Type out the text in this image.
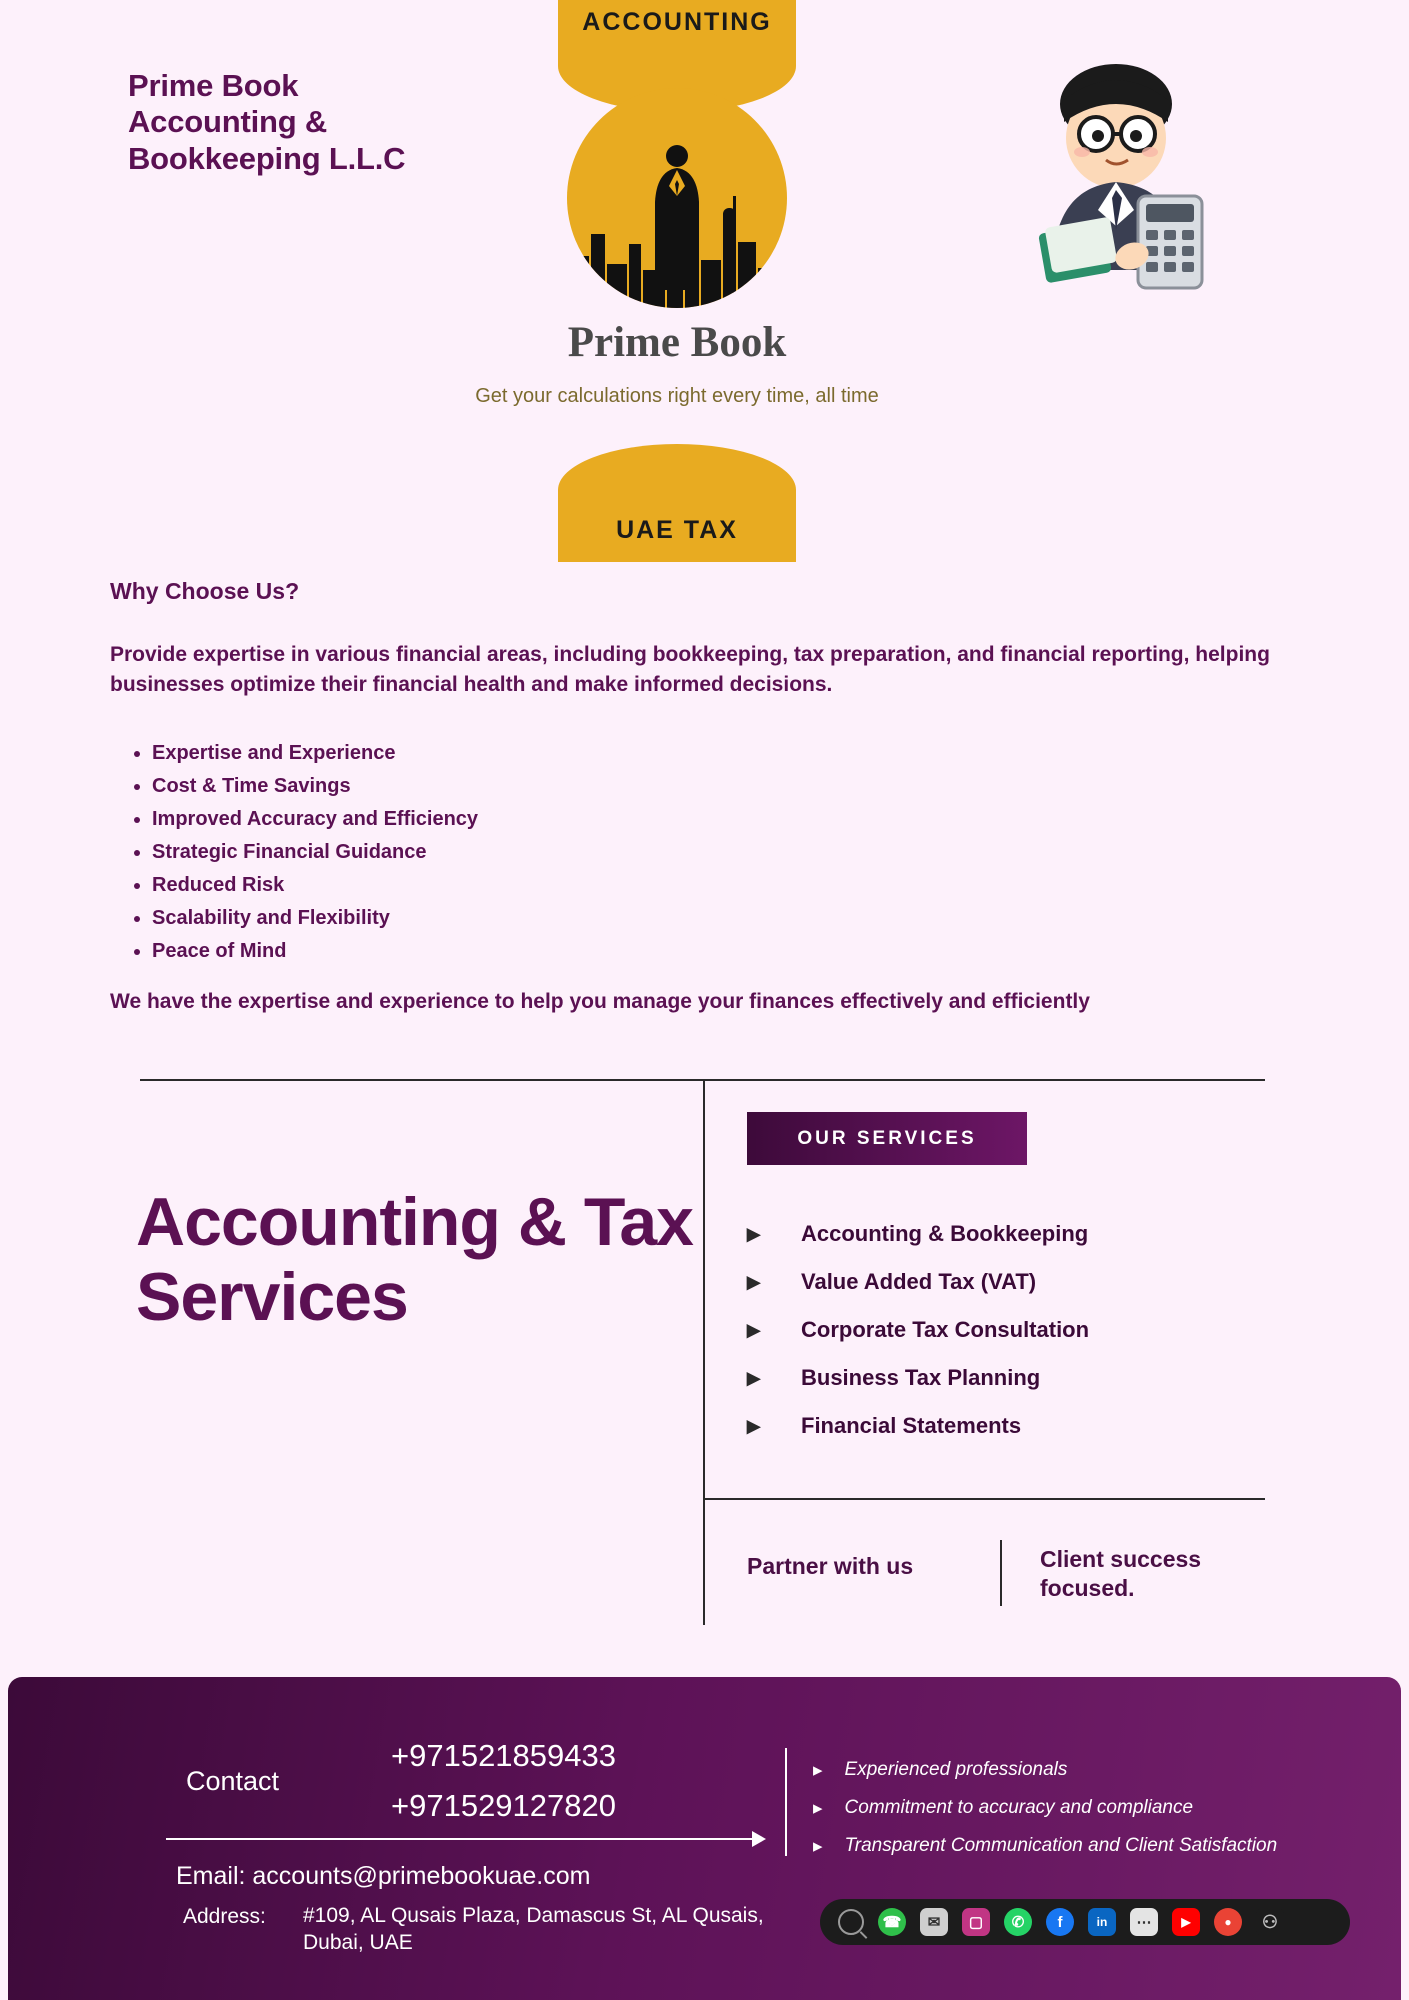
Prime Book Accounting & Bookkeeping L.L.C
ACCOUNTING
Prime Book
Get your calculations right every time, all time
UAE TAX
Why Choose Us?
Provide expertise in various financial areas, including bookkeeping, tax preparation, and financial reporting, helping businesses optimize their financial health and make informed decisions.
• Expertise and Experience
• Cost & Time Savings
• Improved Accuracy and Efficiency
• Strategic Financial Guidance
• Reduced Risk
• Scalability and Flexibility
• Peace of Mind
We have the expertise and experience to help you manage your finances effectively and efficiently
Accounting & Tax Services
OUR SERVICES
▸	Accounting & Bookkeeping
▸	Value Added Tax (VAT)
▸	Corporate Tax Consultation
▸	Business Tax Planning
▸	Financial Statements
Partner with us	Client success focused.
Contact
+971521859433
+971529127820
Email: accounts@primebookuae.com
Address: #109, AL Qusais Plaza, Damascus St, AL Qusais, Dubai, UAE
▸ Experienced professionals
▸ Commitment to accuracy and compliance
▸ Transparent Communication and Client Satisfaction
☎	✉	▢	✆	f	in	⋯	▶	●	⚇
